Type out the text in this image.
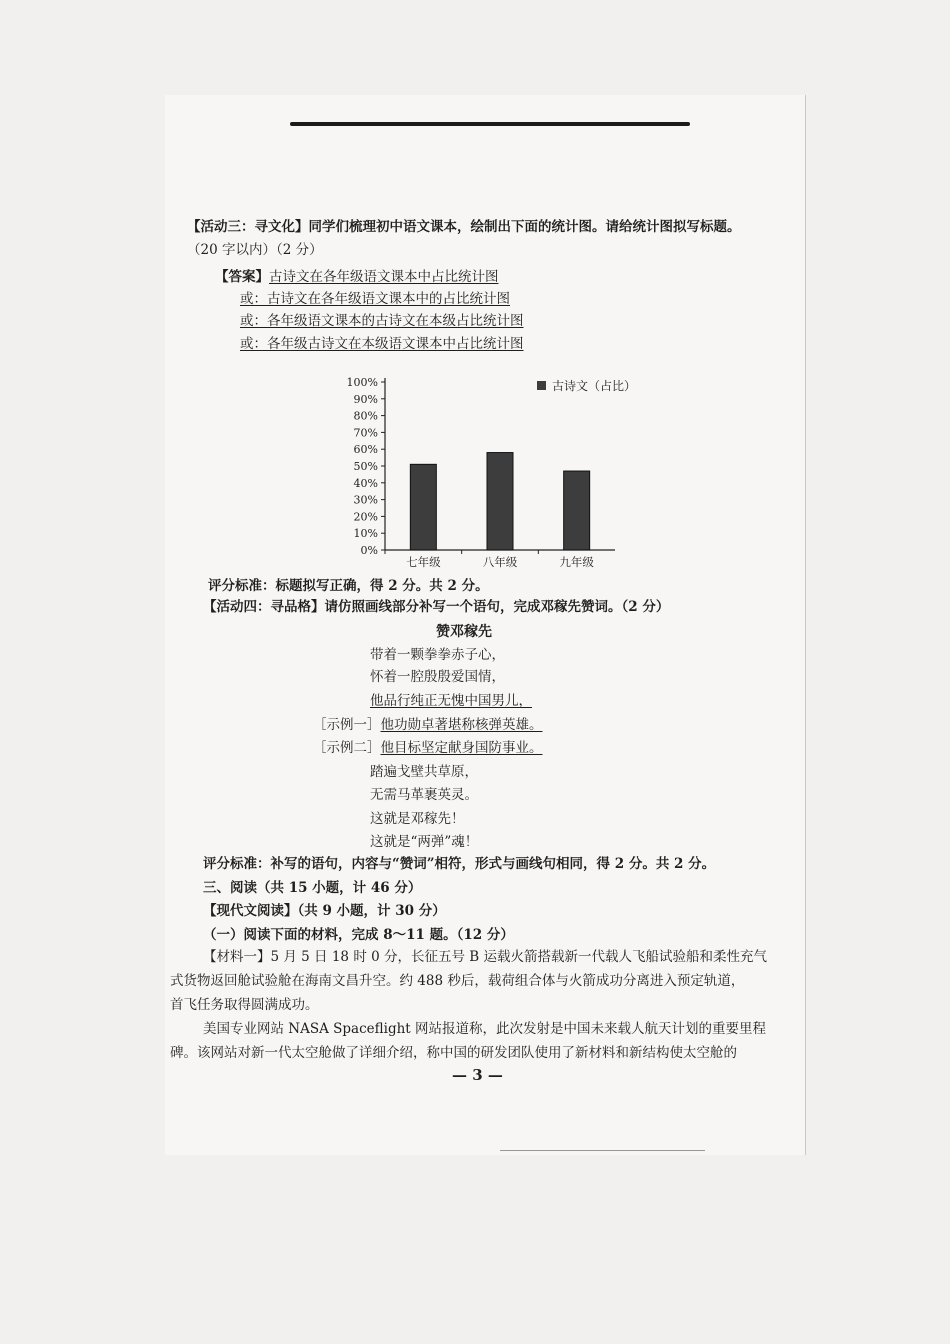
【活动三：寻文化】同学们梳理初中语文课本，绘制出下面的统计图。请给统计图拟写标题。
（20 字以内）（2 分）
【答案】古诗文在各年级语文课本中占比统计图
或：古诗文在各年级语文课本中的占比统计图
或：各年级语文课本的古诗文在本级占比统计图
或：各年级古诗文在本级语文课本中占比统计图
0%
10%
20%
30%
40%
50%
60%
70%
80%
90%
100%
七年级	八年级	九年级
古诗文（占比）
评分标准：标题拟写正确，得 2 分。共 2 分。
【活动四：寻品格】请仿照画线部分补写一个语句，完成邓稼先赞词。（2 分）
赞邓稼先
带着一颗拳拳赤子心，
怀着一腔殷殷爱国情，
他品行纯正无愧中国男儿，
［示例一］他功勋卓著堪称核弹英雄。
［示例二］他目标坚定献身国防事业。
踏遍戈壁共草原，
无需马革裹英灵。
这就是邓稼先！
这就是“两弹”魂！
评分标准：补写的语句，内容与“赞词”相符，形式与画线句相同，得 2 分。共 2 分。
三、阅读（共 15 小题，计 46 分）
【现代文阅读】（共 9 小题，计 30 分）
（一）阅读下面的材料，完成 8～11 题。（12 分）
【材料一】5 月 5 日 18 时 0 分，长征五号 B 运载火箭搭载新一代载人飞船试验船和柔性充气
式货物返回舱试验舱在海南文昌升空。约 488 秒后，载荷组合体与火箭成功分离进入预定轨道，
首飞任务取得圆满成功。
美国专业网站 NASA Spaceflight 网站报道称，此次发射是中国未来载人航天计划的重要里程
碑。该网站对新一代太空舱做了详细介绍，称中国的研发团队使用了新材料和新结构使太空舱的
— 3 —
